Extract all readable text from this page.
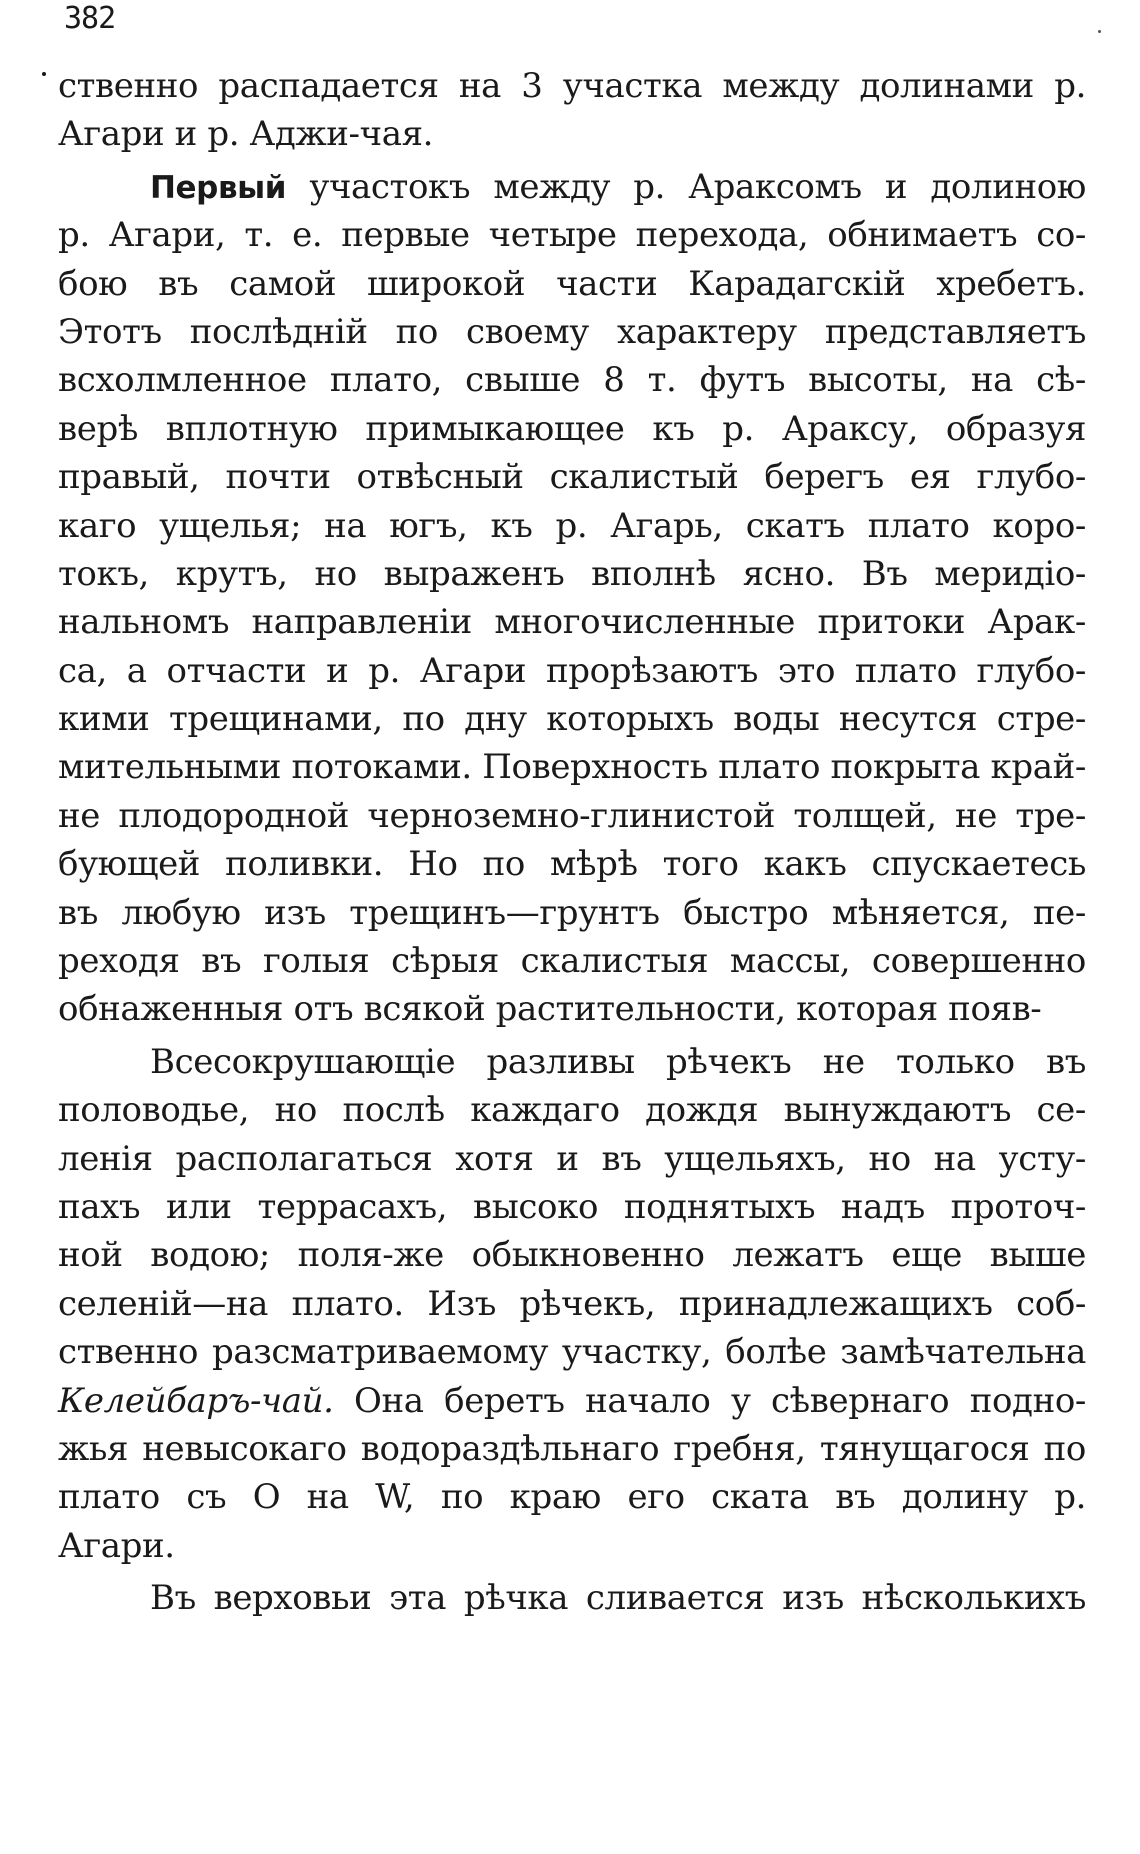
382
ственно распадается на 3 участка между долинами р.
Агари и р. Аджи-чая.
Первый участокъ между р. Араксомъ и долиною
р. Агари, т. е. первые четыре перехода, обнимаетъ со-
бою въ самой широкой части Карадагскій хребетъ.
Этотъ послѣдній по своему характеру представляетъ
всхолмленное плато, свыше 8 т. футъ высоты, на сѣ-
верѣ вплотную примыкающее къ р. Араксу, образуя
правый, почти отвѣсный скалистый берегъ ея глубо-
каго ущелья; на югъ, къ р. Агарь, скатъ плато коро-
токъ, крутъ, но выраженъ вполнѣ ясно. Въ меридіо-
нальномъ направленіи многочисленные притоки Арак-
са, а отчасти и р. Агари прорѣзаютъ это плато глубо-
кими трещинами, по дну которыхъ воды несутся стре-
мительными потоками. Поверхность плато покрыта край-
не плодородной черноземно-глинистой толщей, не тре-
бующей поливки. Но по мѣрѣ того какъ спускаетесь
въ любую изъ трещинъ—грунтъ быстро мѣняется, пе-
реходя въ голыя сѣрыя скалистыя массы, совершенно
обнаженныя отъ всякой растительности, которая появ-
Всесокрушающіе разливы рѣчекъ не только въ
половодье, но послѣ каждаго дождя вынуждаютъ се-
ленія располагаться хотя и въ ущельяхъ, но на усту-
пахъ или террасахъ, высоко поднятыхъ надъ проточ-
ной водою; поля-же обыкновенно лежатъ еще выше
селеній—на плато. Изъ рѣчекъ, принадлежащихъ соб-
ственно разсматриваемому участку, болѣе замѣчательна
Келейбаръ-чай. Она беретъ начало у сѣвернаго подно-
жья невысокаго водораздѣльнаго гребня, тянущагося по
плато съ О на W, по краю его ската въ долину р.
Агари.
Въ верховьи эта рѣчка сливается изъ нѣсколькихъ
